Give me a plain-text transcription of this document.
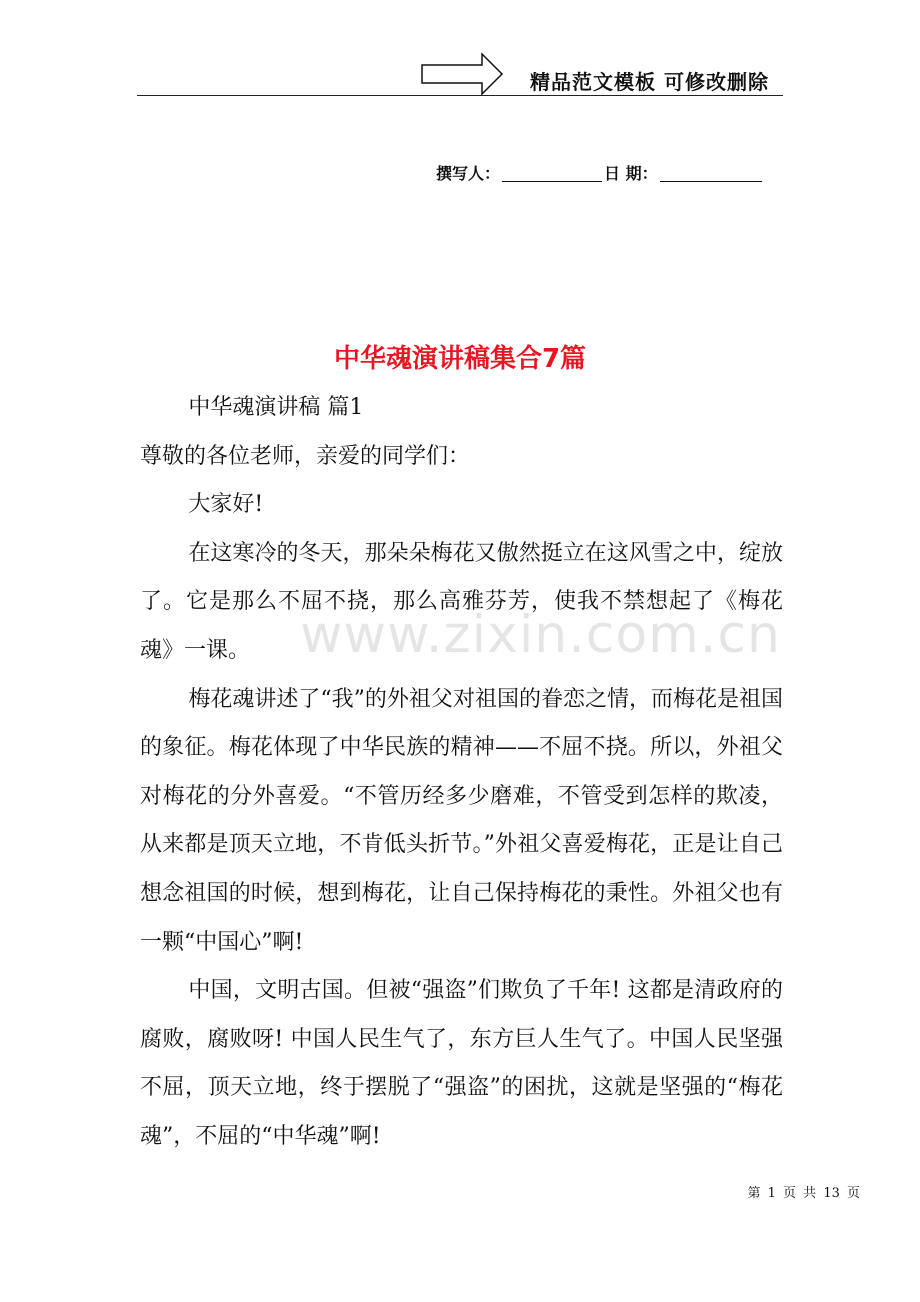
精品范文模板 可修改删除
撰写人：	日 期：
中华魂演讲稿集合7篇
www.zixin.com.cn

中华魂演讲稿 篇1

尊敬的各位老师，亲爱的同学们：

大家好!

在这寒冷的冬天，那朵朵梅花又傲然挺立在这风雪之中，绽放了。它是那么不屈不挠，那么高雅芬芳，使我不禁想起了《梅花魂》一课。

梅花魂讲述了“我”的外祖父对祖国的眷恋之情，而梅花是祖国的象征。梅花体现了中华民族的精神——不屈不挠。所以，外祖父对梅花的分外喜爱。“不管历经多少磨难，不管受到怎样的欺凌，从来都是顶天立地，不肯低头折节。”外祖父喜爱梅花，正是让自己想念祖国的时候，想到梅花，让自己保持梅花的秉性。外祖父也有一颗“中国心”啊!

中国，文明古国。但被“强盗”们欺负了千年! 这都是清政府的腐败，腐败呀! 中国人民生气了，东方巨人生气了。中国人民坚强不屈，顶天立地，终于摆脱了“强盗”的困扰，这就是坚强的“梅花魂”，不屈的“中华魂”啊!

第 1 页 共 13 页
